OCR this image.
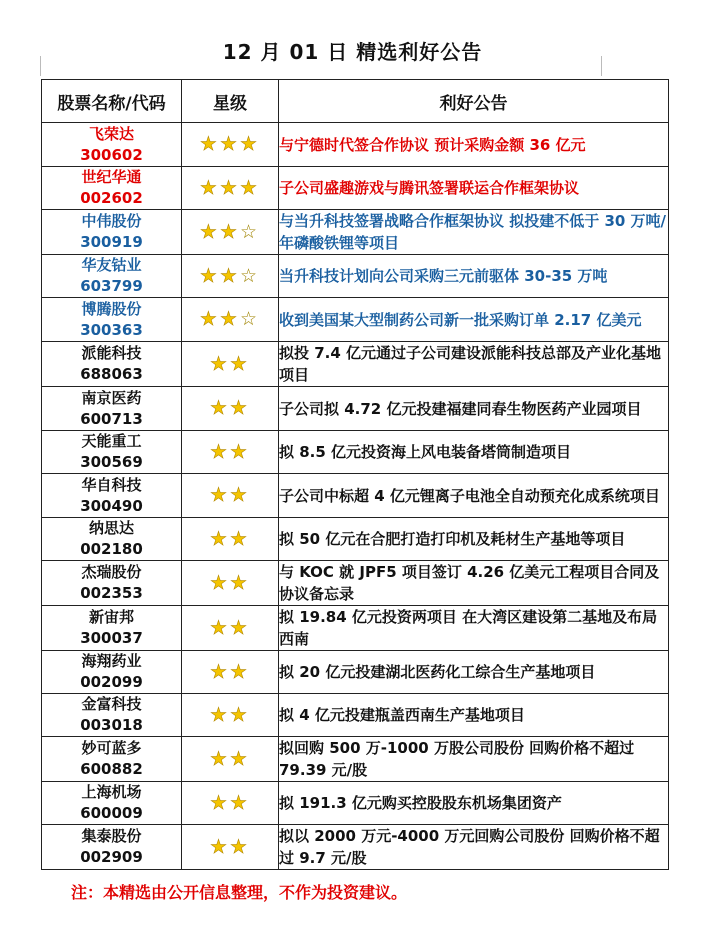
12 月 01 日 精选利好公告
股票名称/代码	星级	利好公告

飞荣达
300602	★★★	与宁德时代签合作协议 预计采购金额 36 亿元

世纪华通
002602	★★★	子公司盛趣游戏与腾讯签署联运合作框架协议

中伟股份
300919	★★☆	与当升科技签署战略合作框架协议 拟投建不低于 30 万吨/年磷酸铁锂等项目

华友钴业
603799	★★☆	当升科技计划向公司采购三元前驱体 30-35 万吨

博腾股份
300363	★★☆	收到美国某大型制药公司新一批采购订单 2.17 亿美元

派能科技
688063	★★	拟投 7.4 亿元通过子公司建设派能科技总部及产业化基地项目

南京医药
600713	★★	子公司拟 4.72 亿元投建福建同春生物医药产业园项目

天能重工
300569	★★	拟 8.5 亿元投资海上风电装备塔筒制造项目

华自科技
300490	★★	子公司中标超 4 亿元锂离子电池全自动预充化成系统项目

纳思达
002180	★★	拟 50 亿元在合肥打造打印机及耗材生产基地等项目

杰瑞股份
002353	★★	与 KOC 就 JPF5 项目签订 4.26 亿美元工程项目合同及协议备忘录

新宙邦
300037	★★	拟 19.84 亿元投资两项目 在大湾区建设第二基地及布局西南

海翔药业
002099	★★	拟 20 亿元投建湖北医药化工综合生产基地项目

金富科技
003018	★★	拟 4 亿元投建瓶盖西南生产基地项目

妙可蓝多
600882	★★	拟回购 500 万-1000 万股公司股份 回购价格不超过 79.39 元/股

上海机场
600009	★★	拟 191.3 亿元购买控股股东机场集团资产

集泰股份
002909	★★	拟以 2000 万元-4000 万元回购公司股份 回购价格不超过 9.7 元/股
注：本精选由公开信息整理，不作为投资建议。
